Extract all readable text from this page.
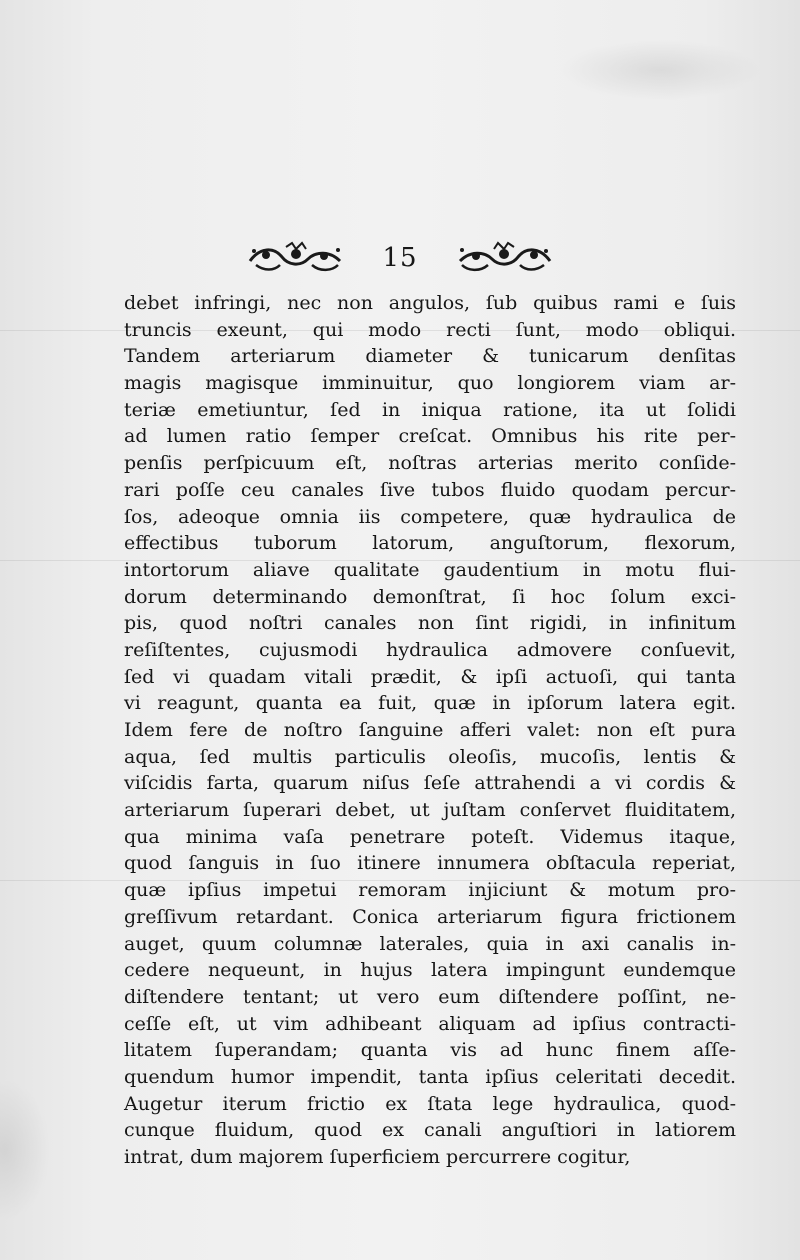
15
debet infringi, nec non angulos, ſub quibus rami e ſuis
truncis exeunt, qui modo recti ſunt, modo obliqui.
Tandem arteriarum diameter & tunicarum denſitas
magis magisque imminuitur, quo longiorem viam ar-
teriæ emetiuntur, ſed in iniqua ratione, ita ut ſolidi
ad lumen ratio ſemper creſcat. Omnibus his rite per-
penſis perſpicuum eſt, noſtras arterias merito conſide-
rari poſſe ceu canales ſive tubos fluido quodam percur-
ſos, adeoque omnia iis competere, quæ hydraulica de
effectibus tuborum latorum, anguſtorum, flexorum,
intortorum aliave qualitate gaudentium in motu flui-
dorum determinando demonſtrat, ſi hoc ſolum exci-
pis, quod noſtri canales non ſint rigidi, in infinitum
reſiſtentes, cujusmodi hydraulica admovere conſuevit,
ſed vi quadam vitali prædit, & ipſi actuoſi, qui tanta
vi reagunt, quanta ea fuit, quæ in ipſorum latera egit.
Idem fere de noſtro ſanguine afferi valet: non eſt pura
aqua, ſed multis particulis oleoſis, mucoſis, lentis &
viſcidis farta, quarum niſus ſeſe attrahendi a vi cordis &
arteriarum ſuperari debet, ut juſtam conſervet fluiditatem,
qua minima vaſa penetrare poteſt. Videmus itaque,
quod ſanguis in ſuo itinere innumera obſtacula reperiat,
quæ ipſius impetui remoram injiciunt & motum pro-
greſſivum retardant. Conica arteriarum figura frictionem
auget, quum columnæ laterales, quia in axi canalis in-
cedere nequeunt, in hujus latera impingunt eundemque
diſtendere tentant; ut vero eum diſtendere poſſint, ne-
ceſſe eſt, ut vim adhibeant aliquam ad ipſius contracti-
litatem ſuperandam; quanta vis ad hunc finem aſſe-
quendum humor impendit, tanta ipſius celeritati decedit.
Augetur iterum frictio ex ſtata lege hydraulica, quod-
cunque fluidum, quod ex canali anguſtiori in latiorem
intrat, dum majorem ſuperficiem percurrere cogitur,
